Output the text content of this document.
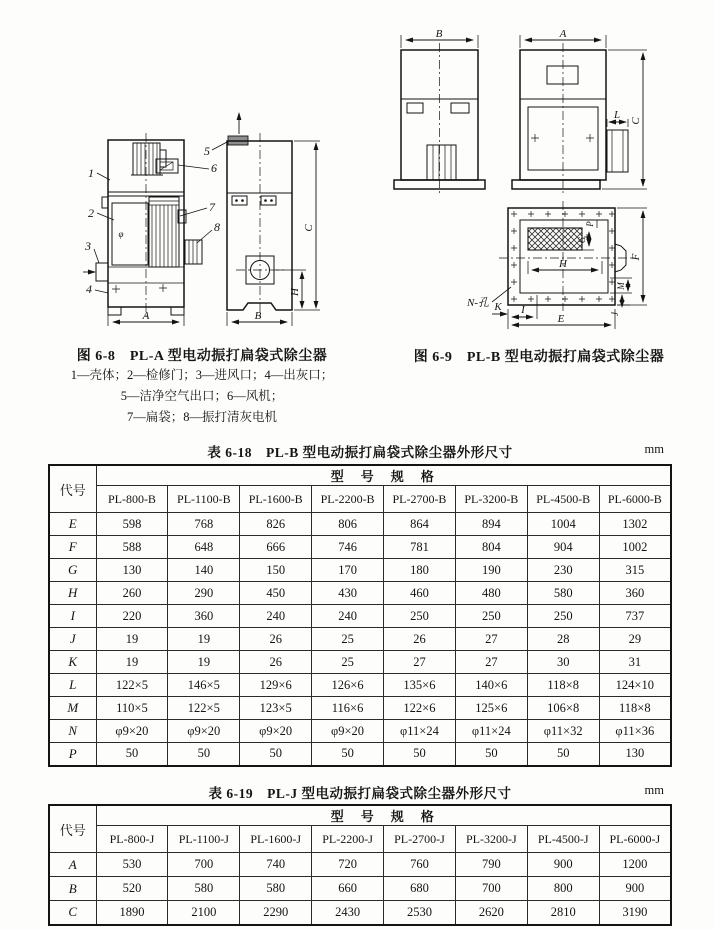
φ
A
1
2
3
4
5
6
7
8	C
H
B
B
L
A
C
H
G
P
F
M
J
K I
E
N-孔
图 6-8　PL-A 型电动振打扁袋式除尘器
1—壳体；2—检修门；3—进风口；4—出灰口；
5—洁净空气出口；6—风机；
7—扁袋；8—振打清灰电机
图 6-9　PL-B 型电动振打扁袋式除尘器
表 6-18　PL-B 型电动振打扁袋式除尘器外形尺寸	mm
代号	型　号　规　格							
	PL-800-B	PL-1100-B	PL-1600-B	PL-2200-B	PL-2700-B	PL-3200-B	PL-4500-B	PL-6000-B
E	598	768	826	806	864	894	1004	1302
F	588	648	666	746	781	804	904	1002
G	130	140	150	170	180	190	230	315
H	260	290	450	430	460	480	580	360
I	220	360	240	240	250	250	250	737
J	19	19	26	25	26	27	28	29
K	19	19	26	25	27	27	30	31
L	122×5	146×5	129×6	126×6	135×6	140×6	118×8	124×10
M	110×5	122×5	123×5	116×6	122×6	125×6	106×8	118×8
N	φ9×20	φ9×20	φ9×20	φ9×20	φ11×24	φ11×24	φ11×32	φ11×36
P	50	50	50	50	50	50	50	130
表 6-19　PL-J 型电动振打扁袋式除尘器外形尺寸	mm
代号	型　号　规　格							
	PL-800-J	PL-1100-J	PL-1600-J	PL-2200-J	PL-2700-J	PL-3200-J	PL-4500-J	PL-6000-J
A	530	700	740	720	760	790	900	1200
B	520	580	580	660	680	700	800	900
C	1890	2100	2290	2430	2530	2620	2810	3190
